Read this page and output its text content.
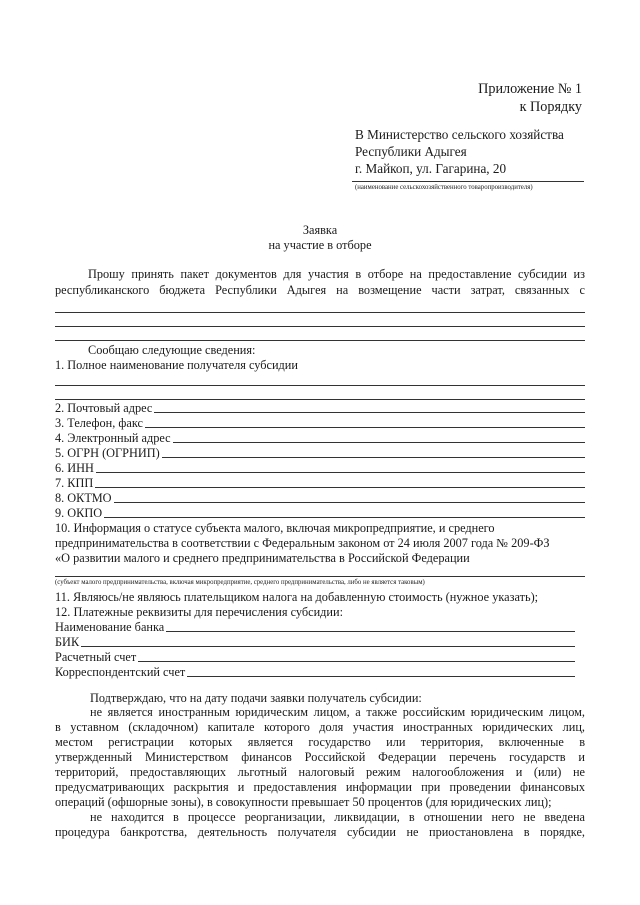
Приложение № 1
к Порядку
В Министерство сельского хозяйства
Республики Адыгея
г. Майкоп, ул. Гагарина, 20
(наименование сельскохозяйственного товаропроизводителя)
Заявка
на участие в отборе
Прошу принять пакет документов для участия в отборе на предоставление субсидии из
республиканского бюджета Республики Адыгея на возмещение части затрат, связанных с
Сообщаю следующие сведения:
1. Полное наименование получателя субсидии
2. Почтовый адрес
3. Телефон, факс
4. Электронный адрес
5. ОГРН (ОГРНИП)
6. ИНН
7. КПП
8. ОКТМО
9. ОКПО
10. Информация о статусе субъекта малого, включая микропредприятие, и среднего
предпринимательства в соответствии с Федеральным законом от 24 июля 2007 года № 209-ФЗ
«О развитии малого и среднего предпринимательства в Российской Федерации
(субъект малого предпринимательства, включая микропредприятие, среднего предпринимательства, либо не является таковым)
11. Являюсь/не являюсь плательщиком налога на добавленную стоимость (нужное указать);
12. Платежные реквизиты для перечисления субсидии:
Наименование банка
БИК
Расчетный счет
Корреспондентский счет
Подтверждаю, что на дату подачи заявки получатель субсидии:
не является иностранным юридическим лицом, а также российским юридическим лицом,
в уставном (складочном) капитале которого доля участия иностранных юридических лиц,
местом регистрации которых является государство или территория, включенные в
утвержденный Министерством финансов Российской Федерации перечень государств и
территорий, предоставляющих льготный налоговый режим налогообложения и (или) не
предусматривающих раскрытия и предоставления информации при проведении финансовых
операций (офшорные зоны), в совокупности превышает 50 процентов (для юридических лиц);
не находится в процессе реорганизации, ликвидации, в отношении него не введена
процедура банкротства, деятельность получателя субсидии не приостановлена в порядке,
